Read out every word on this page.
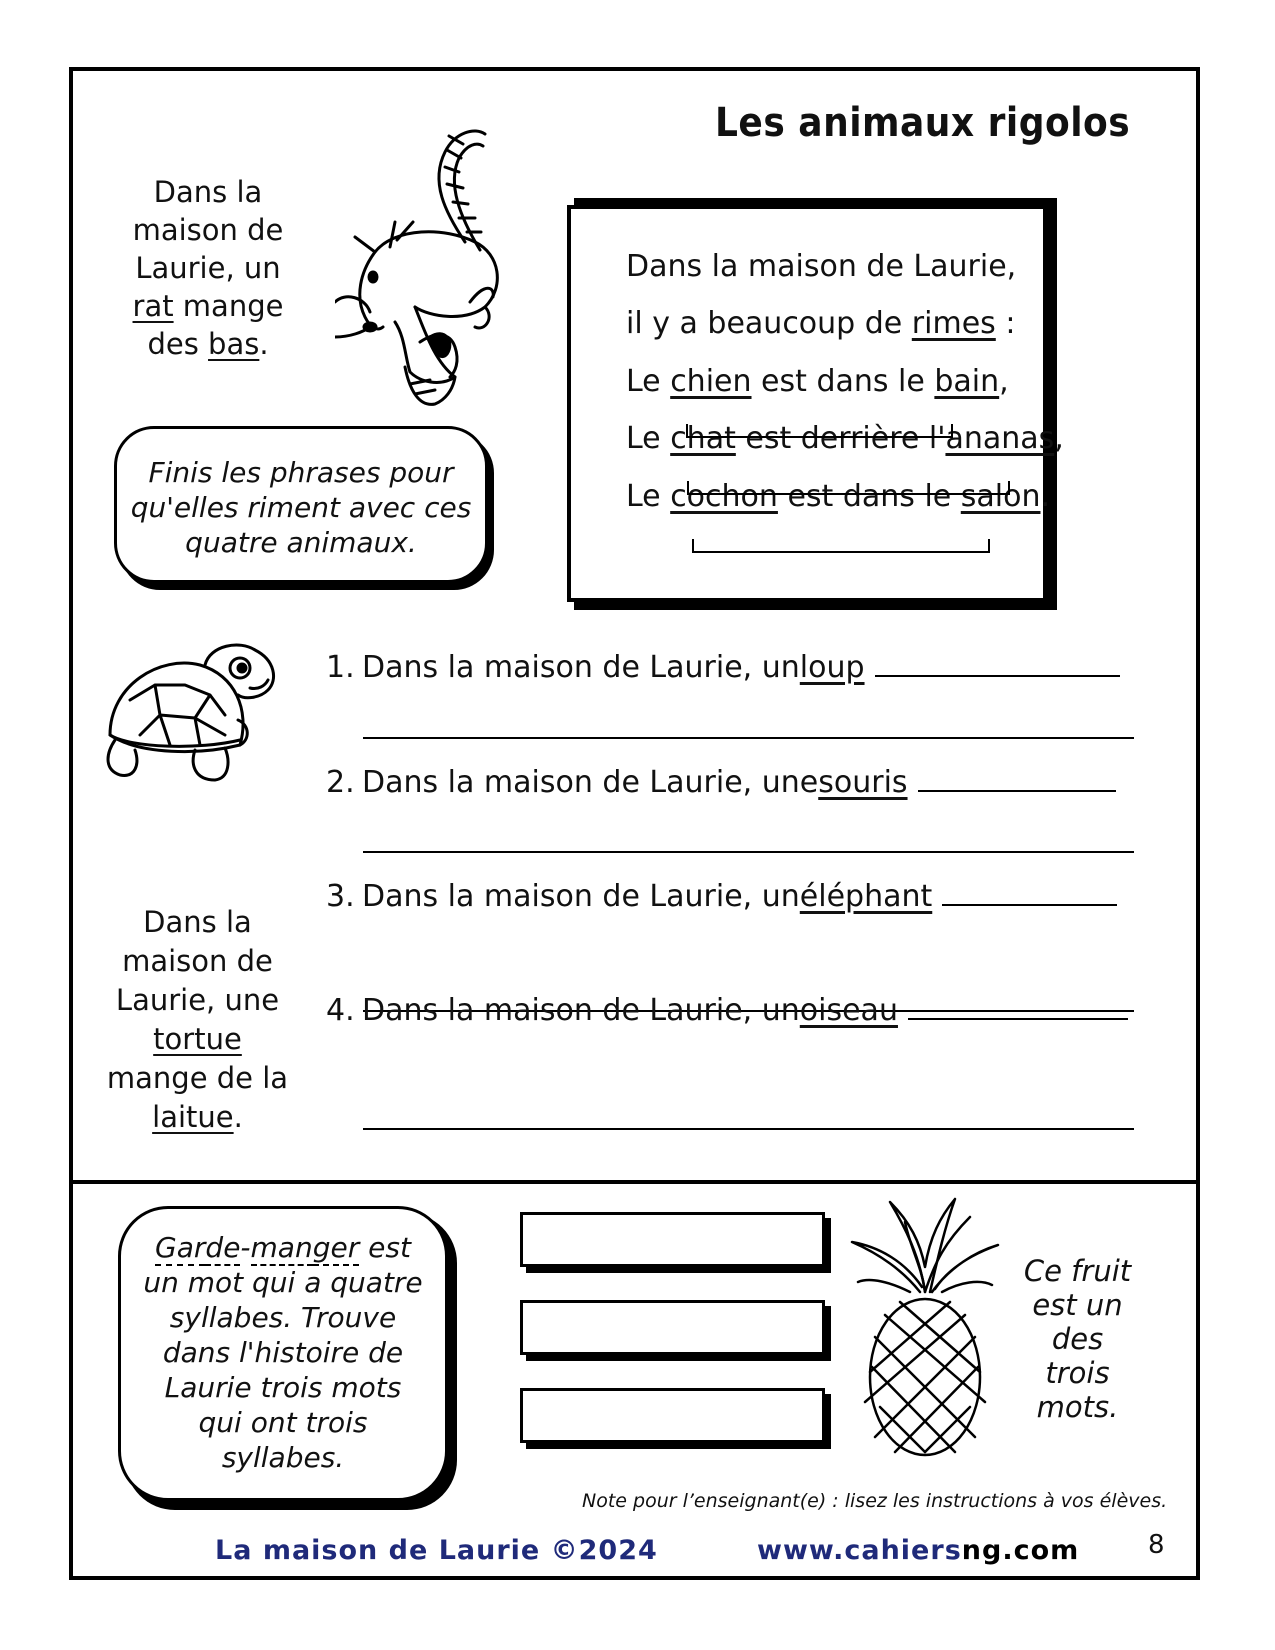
Les animaux rigolos
Dans la
maison de
Laurie, un
rat mange
des bas.
Finis les phrases pour
qu'elles riment avec ces
quatre animaux.
Dans la maison de Laurie,
il y a beaucoup de rimes :
Le chien est dans le bain,
Le chat est derrière l'ananas,
Le cochon est dans le salon.
1. Dans la maison de Laurie, un loup
2. Dans la maison de Laurie, une souris
3. Dans la maison de Laurie, un éléphant
4. Dans la maison de Laurie, un oiseau
Dans la
maison de
Laurie, une
tortue
mange de la
laitue.
Garde-manger est
un mot qui a quatre
syllabes. Trouve
dans l'histoire de
Laurie trois mots
qui ont trois
syllabes.
Ce fruit
est un
des
trois
mots.
Note pour l’enseignant(e) : lisez les instructions à vos élèves.
La maison de Laurie ©2024	www.cahiersng.com	8
